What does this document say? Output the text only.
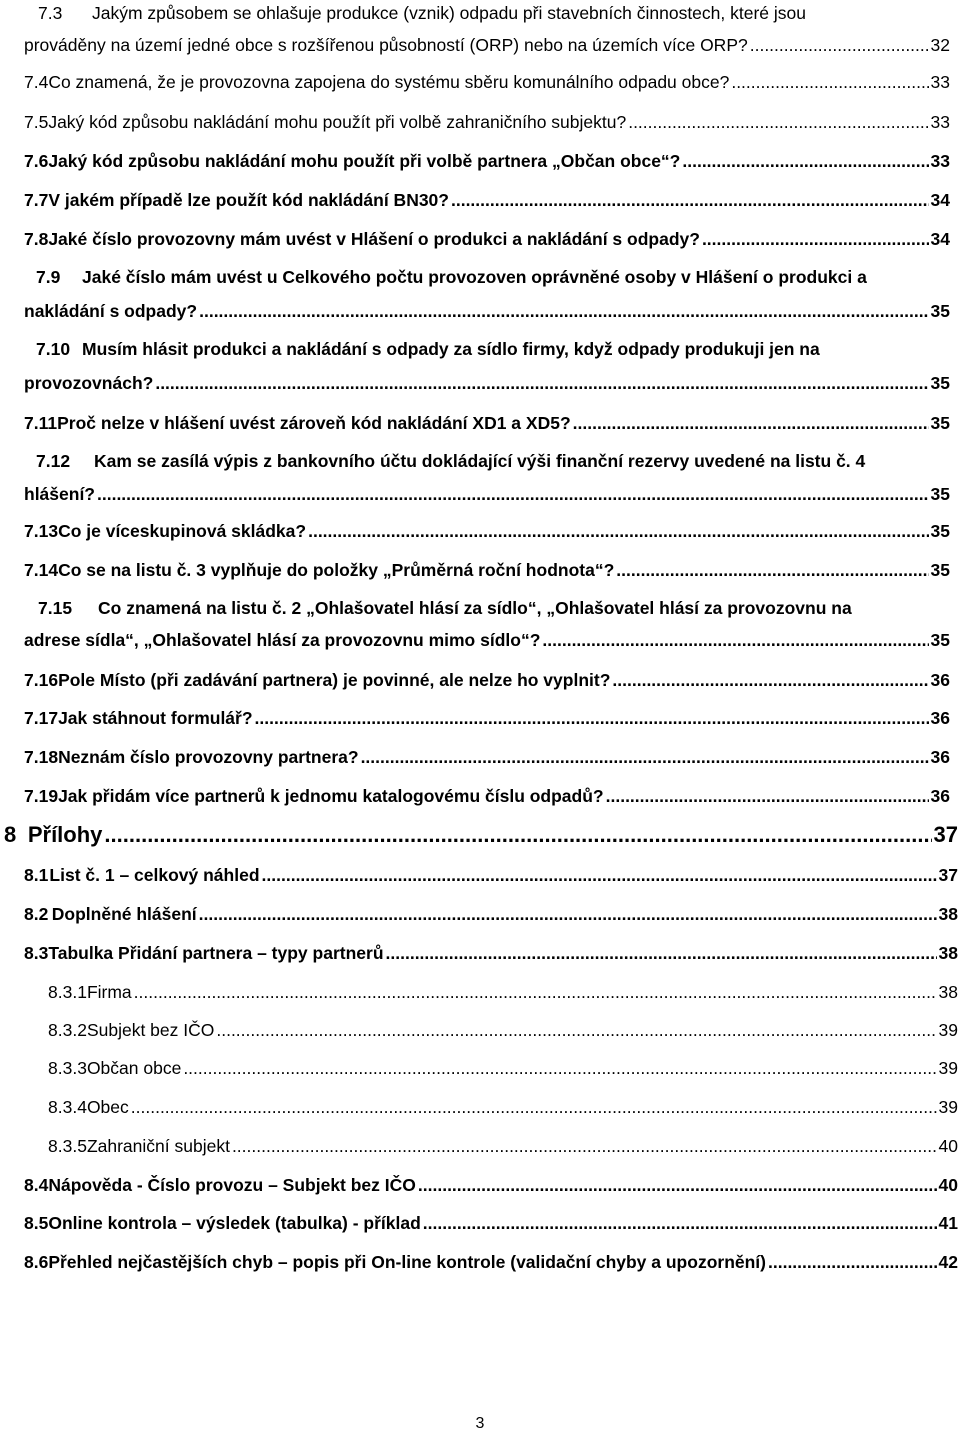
7.3	Jakým způsobem se ohlašuje produkce (vznik) odpadu při stavebních činnostech, které jsou
prováděny na území jedné obce s rozšířenou působností (ORP) nebo na územích více ORP? .....	32
7.4 Co znamená, že je provozovna zapojena do systému sběru komunálního odpadu obce? .....	33
7.5 Jaký kód způsobu nakládání mohu použít při volbě zahraničního subjektu? .....	33
7.6 Jaký kód způsobu nakládání mohu použít při volbě partnera „Občan obce“? .....	33
7.7 V jakém případě lze použít kód nakládání BN30? .....	34
7.8 Jaké číslo provozovny mám uvést v Hlášení o produkci a nakládání s odpady? .....	34
7.9	Jaké číslo mám uvést u Celkového počtu provozoven oprávněné osoby v Hlášení o produkci a
nakládání s odpady? .....	35
7.10 Musím hlásit produkci a nakládání s odpady za sídlo firmy, když odpady produkuji jen na
provozovnách? .....	35
7.11 Proč nelze v hlášení uvést zároveň kód nakládání XD1 a XD5? .....	35
7.12	Kam se zasílá výpis z bankovního účtu dokládající výši finanční rezervy uvedené na listu č. 4
hlášení? .....	35
7.13 Co je víceskupinová skládka? .....	35
7.14 Co se na listu č. 3 vyplňuje do položky „Průměrná roční hodnota“? .....	35
7.15	Co znamená na listu č. 2 „Ohlašovatel hlásí za sídlo“, „Ohlašovatel hlásí za provozovnu na
adrese sídla“, „Ohlašovatel hlásí za provozovnu mimo sídlo“? .....	35
7.16 Pole Místo (při zadávání partnera) je povinné, ale nelze ho vyplnit? .....	36
7.17 Jak stáhnout formulář? .....	36
7.18 Neznám číslo provozovny partnera? .....	36
7.19 Jak přidám více partnerů k jednomu katalogovému číslu odpadů? .....	36
8 Přílohy .....	37
8.1 List č. 1 – celkový náhled .....	37
8.2 Doplněné hlášení .....	38
8.3 Tabulka Přidání partnera – typy partnerů .....	38
8.3.1 Firma .....	38
8.3.2 Subjekt bez IČO .....	39
8.3.3 Občan obce .....	39
8.3.4 Obec .....	39
8.3.5 Zahraniční subjekt .....	40
8.4 Nápověda - Číslo provozu – Subjekt bez IČO .....	40
8.5 Online kontrola – výsledek (tabulka) - příklad .....	41
8.6 Přehled nejčastějších chyb – popis při On-line kontrole (validační chyby a upozornění) .....	42
3
